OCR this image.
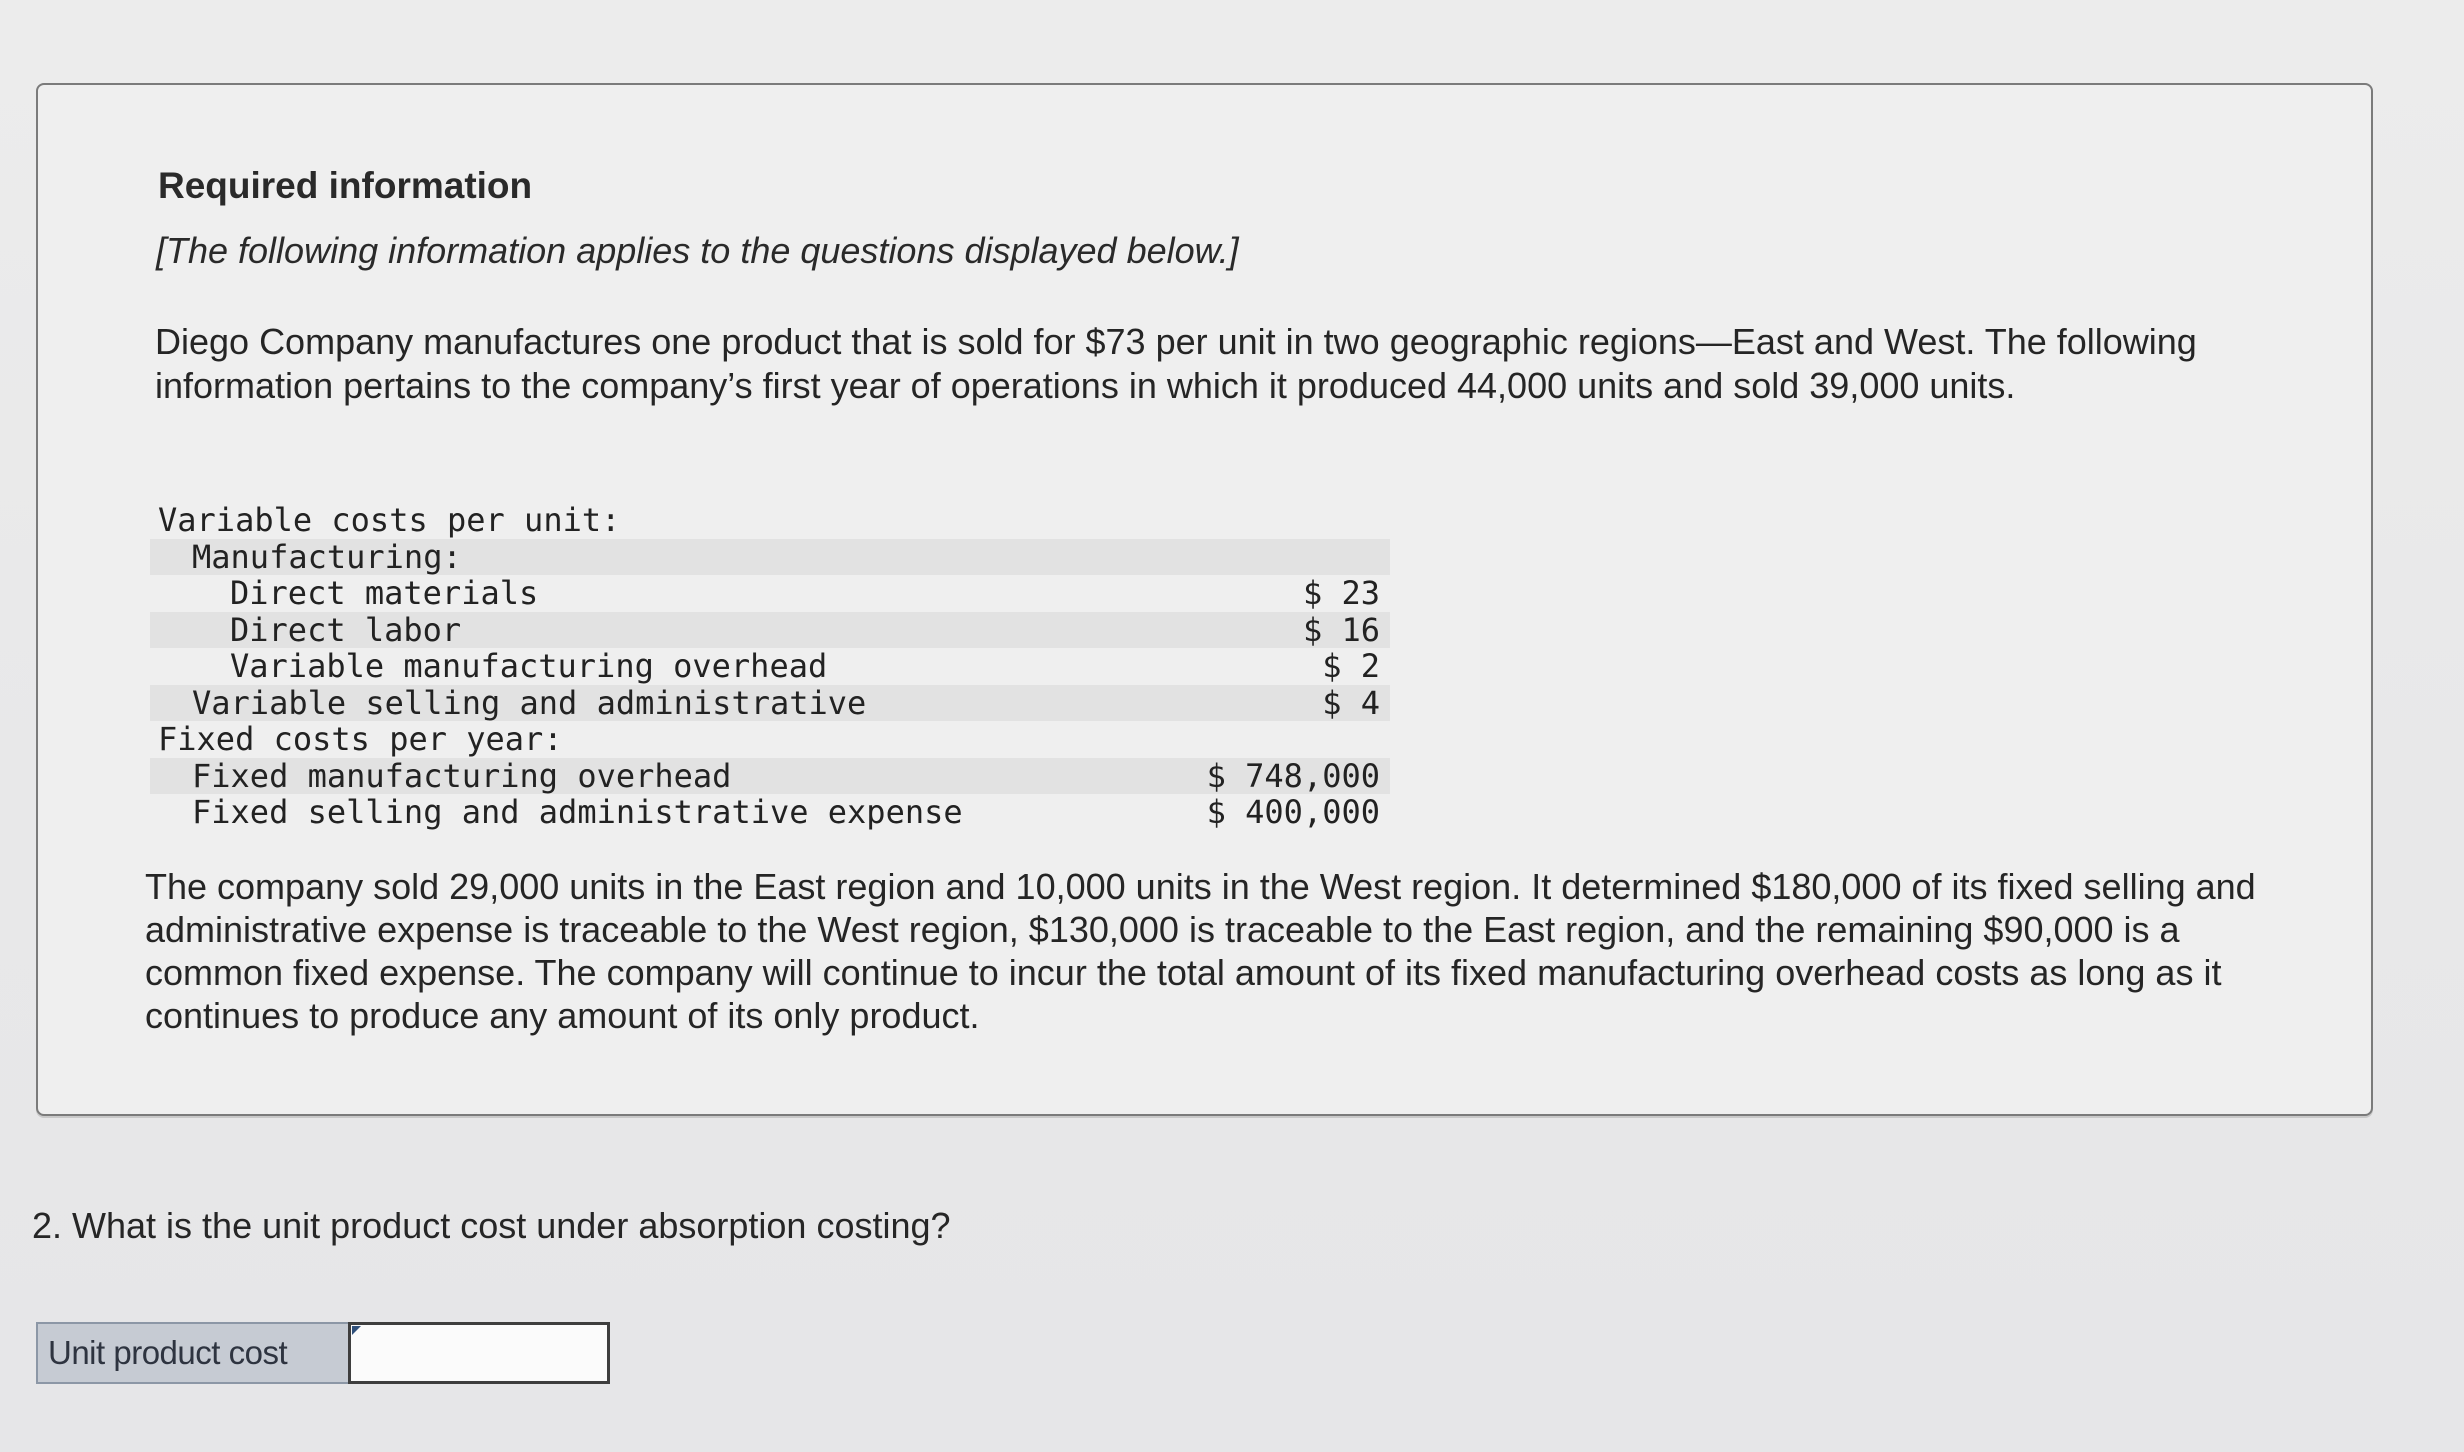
Required information
[The following information applies to the questions displayed below.]
Diego Company manufactures one product that is sold for $73 per unit in two geographic regions—East and West. The following information pertains to the company’s first year of operations in which it produced 44,000 units and sold 39,000 units.
Variable costs per unit:
Manufacturing:
Direct materials	$ 23
Direct labor	$ 16
Variable manufacturing overhead	$ 2
Variable selling and administrative	$ 4
Fixed costs per year:
Fixed manufacturing overhead	$ 748,000
Fixed selling and administrative expense	$ 400,000
The company sold 29,000 units in the East region and 10,000 units in the West region. It determined $180,000 of its fixed selling and administrative expense is traceable to the West region, $130,000 is traceable to the East region, and the remaining $90,000 is a common fixed expense. The company will continue to incur the total amount of its fixed manufacturing overhead costs as long as it continues to produce any amount of its only product.
2. What is the unit product cost under absorption costing?
Unit product cost
